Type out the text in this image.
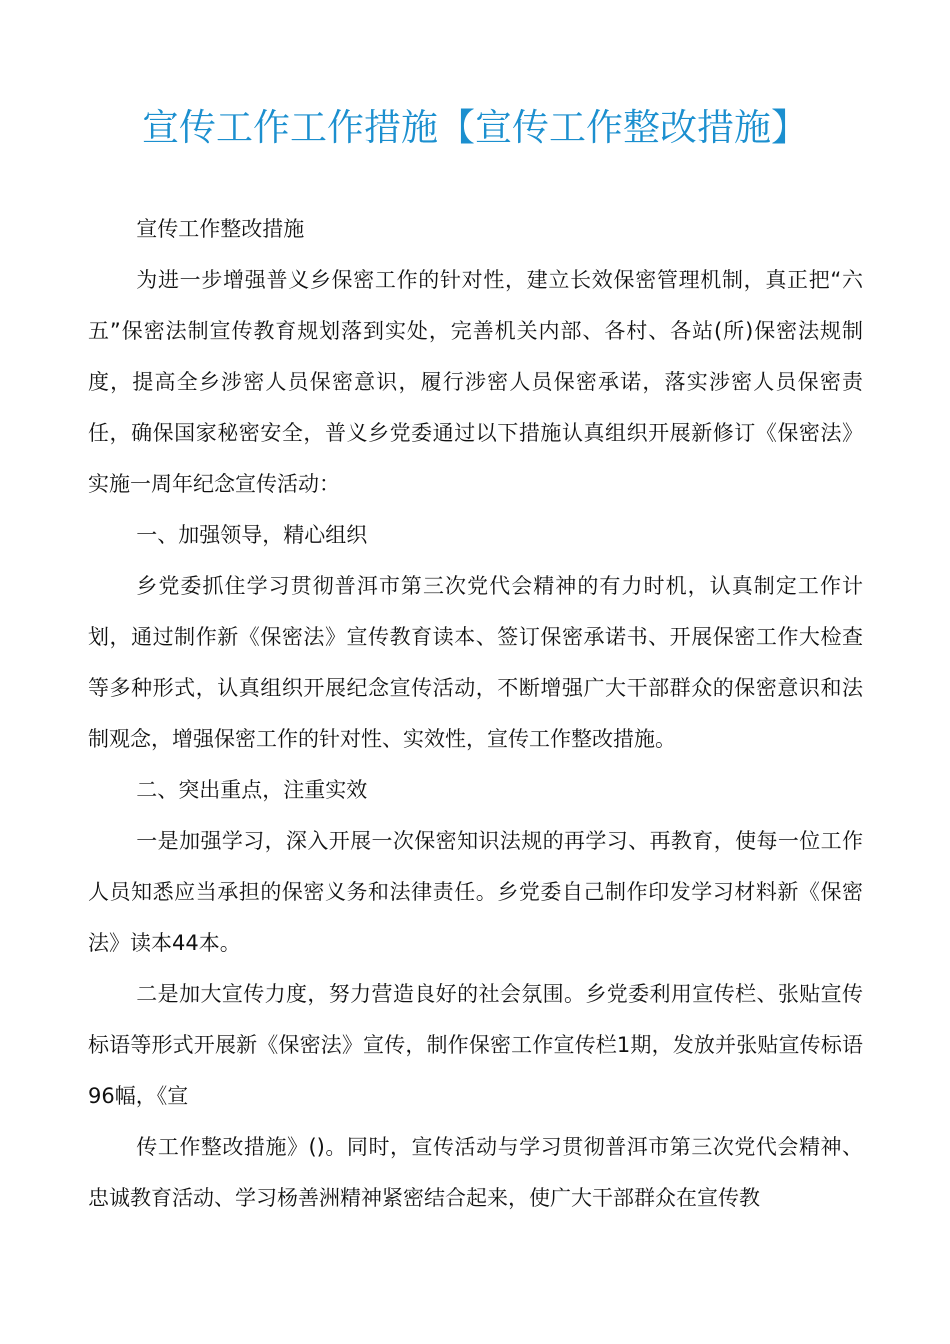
宣传工作工作措施【宣传工作整改措施】

宣传工作整改措施

为进一步增强普义乡保密工作的针对性，建立长效保密管理机制，真正把“六五”保密法制宣传教育规划落到实处，完善机关内部、各村、各站(所)保密法规制度，提高全乡涉密人员保密意识，履行涉密人员保密承诺，落实涉密人员保密责任，确保国家秘密安全，普义乡党委通过以下措施认真组织开展新修订《保密法》实施一周年纪念宣传活动：

一、加强领导，精心组织

乡党委抓住学习贯彻普洱市第三次党代会精神的有力时机，认真制定工作计划，通过制作新《保密法》宣传教育读本、签订保密承诺书、开展保密工作大检查等多种形式，认真组织开展纪念宣传活动，不断增强广大干部群众的保密意识和法制观念，增强保密工作的针对性、实效性，宣传工作整改措施。

二、突出重点，注重实效

一是加强学习，深入开展一次保密知识法规的再学习、再教育，使每一位工作人员知悉应当承担的保密义务和法律责任。乡党委自己制作印发学习材料新《保密法》读本44本。

二是加大宣传力度，努力营造良好的社会氛围。乡党委利用宣传栏、张贴宣传标语等形式开展新《保密法》宣传，制作保密工作宣传栏1期，发放并张贴宣传标语96幅，《宣

传工作整改措施》()。同时，宣传活动与学习贯彻普洱市第三次党代会精神、忠诚教育活动、学习杨善洲精神紧密结合起来，使广大干部群众在宣传教
